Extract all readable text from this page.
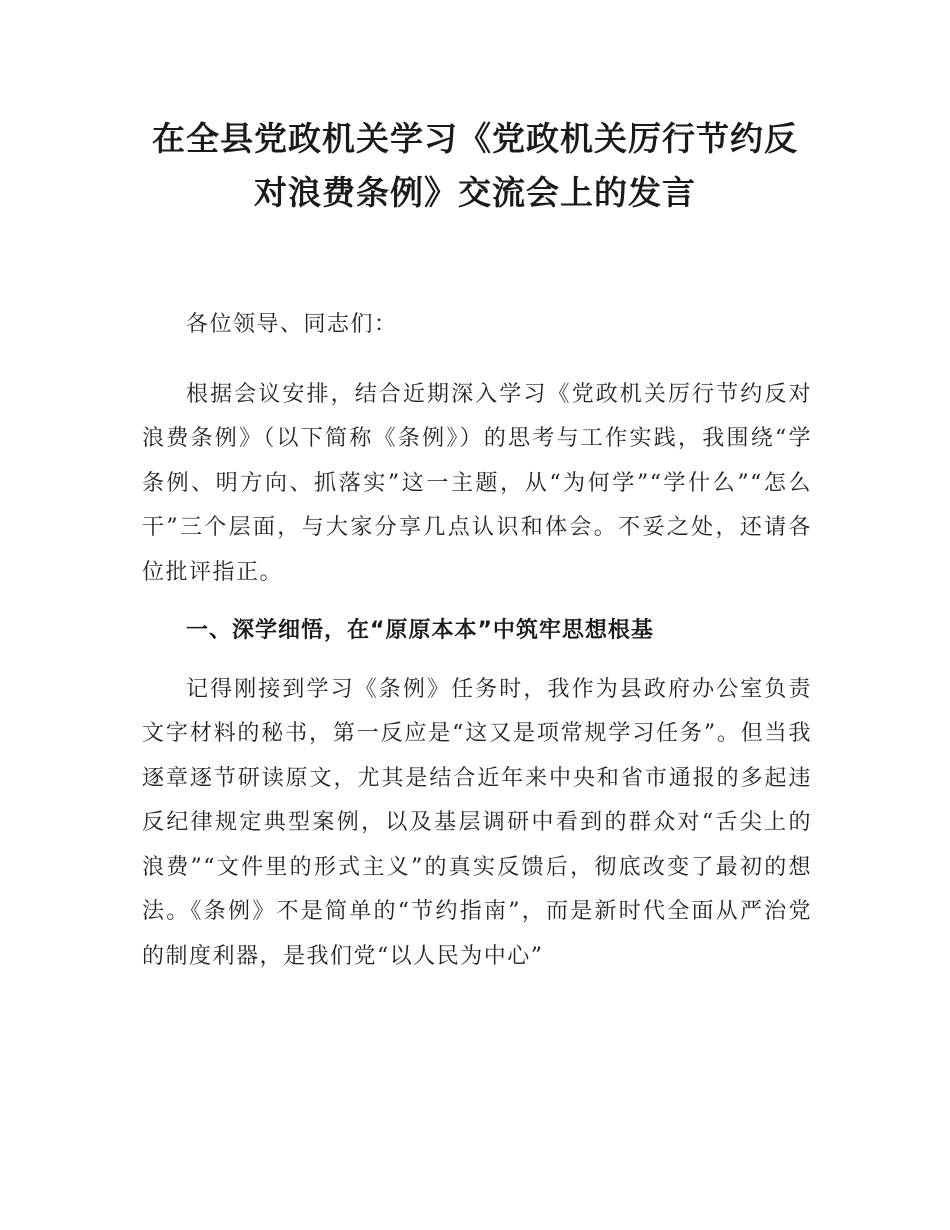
在全县党政机关学习《党政机关厉行节约反
对浪费条例》交流会上的发言

各位领导、同志们：

根据会议安排，结合近期深入学习《党政机关厉行节约反对浪费条例》（以下简称《条例》）的思考与工作实践，我围绕“学条例、明方向、抓落实”这一主题，从“为何学”“学什么”“怎么干”三个层面，与大家分享几点认识和体会。不妥之处，还请各位批评指正。

一、深学细悟，在“原原本本”中筑牢思想根基

记得刚接到学习《条例》任务时，我作为县政府办公室负责文字材料的秘书，第一反应是“这又是项常规学习任务”。但当我逐章逐节研读原文，尤其是结合近年来中央和省市通报的多起违反纪律规定典型案例，以及基层调研中看到的群众对“舌尖上的浪费”“文件里的形式主义”的真实反馈后，彻底改变了最初的想法。《条例》不是简单的“节约指南”，而是新时代全面从严治党的制度利器，是我们党“以人民为中心”
